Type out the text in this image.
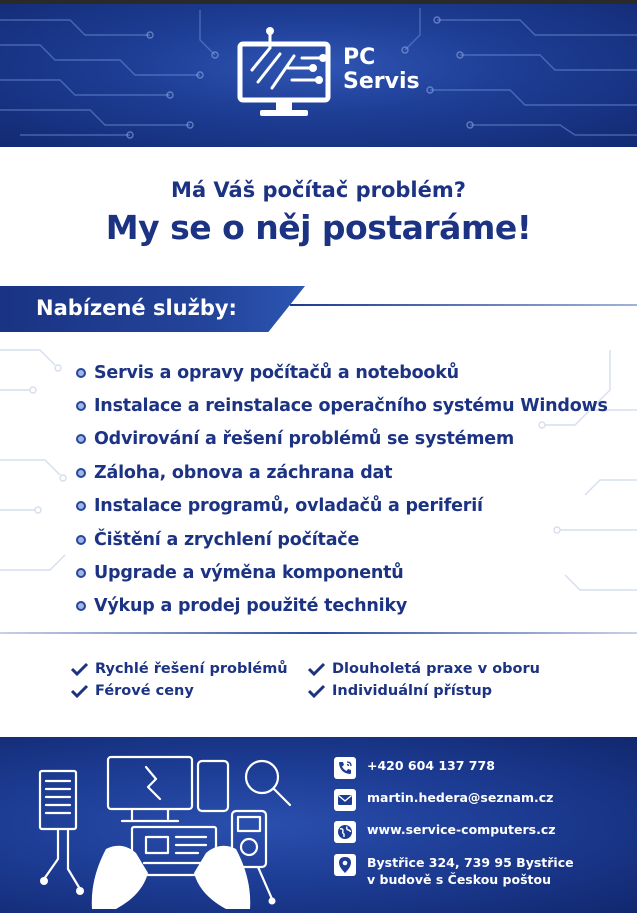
PC
Servis
Má Váš počítač problém?
My se o něj postaráme!
Nabízené služby:
Servis a opravy počítačů a notebooků
Instalace a reinstalace operačního systému Windows
Odvirování a řešení problémů se systémem
Záloha, obnova a záchrana dat
Instalace programů, ovladačů a periferií
Čištění a zrychlení počítače
Upgrade a výměna komponentů
Výkup a prodej použité techniky
Rychlé řešení problémů
Férové ceny
Dlouholetá praxe v oboru
Individuální přístup
+420 604 137 778
martin.hedera@seznam.cz
www.service-computers.cz
Bystřice 324, 739 95 Bystřice
v budově s Českou poštou
